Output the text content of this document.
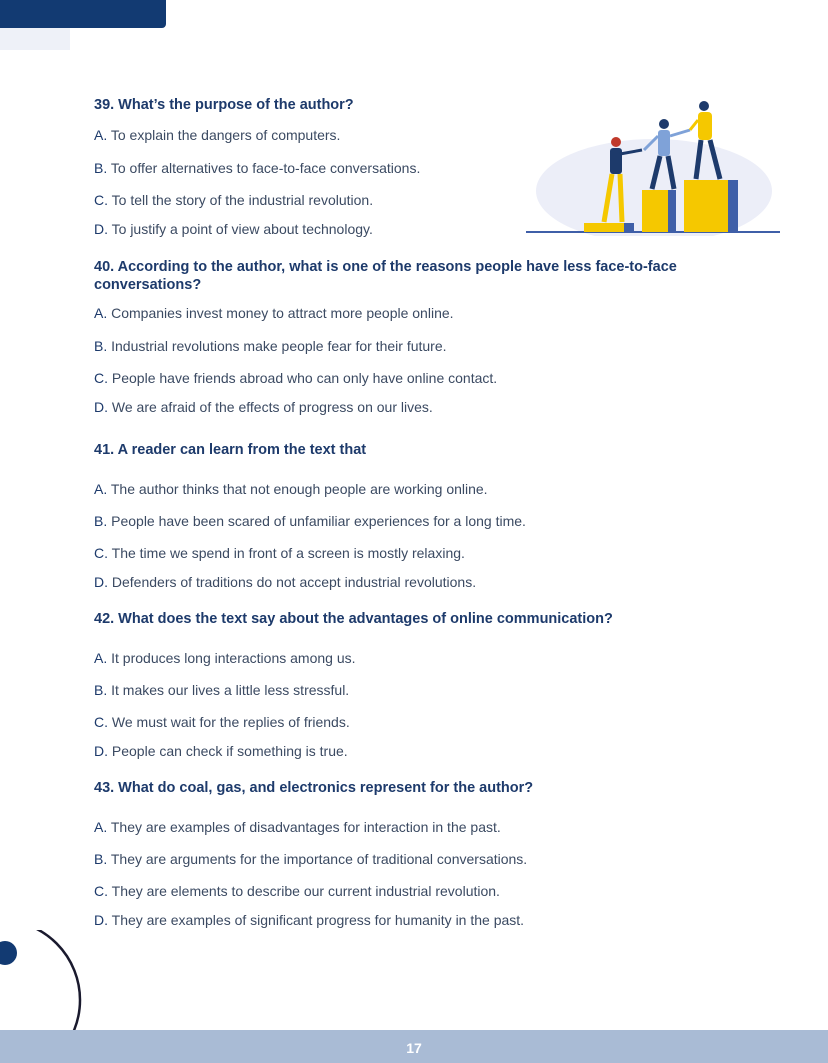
39. What’s the purpose of the author?

A. To explain the dangers of computers.
B. To offer alternatives to face-to-face conversations.
C. To tell the story of the industrial revolution.
D. To justify a point of view about technology.

40. According to the author, what is one of the reasons people have less face-to-face conversations?

A. Companies invest money to attract more people online.
B. Industrial revolutions make people fear for their future.
C. People have friends abroad who can only have online contact.
D. We are afraid of the effects of progress on our lives.

41. A reader can learn from the text that

A. The author thinks that not enough people are working online.
B. People have been scared of unfamiliar experiences for a long time.
C. The time we spend in front of a screen is mostly relaxing.
D. Defenders of traditions do not accept industrial revolutions.

42. What does the text say about the advantages of online communication?

A. It produces long interactions among us.
B. It makes our lives a little less stressful.
C. We must wait for the replies of friends.
D. People can check if something is true.

43. What do coal, gas, and electronics represent for the author?

A. They are examples of disadvantages for interaction in the past.
B. They are arguments for the importance of traditional conversations.
C. They are elements to describe our current industrial revolution.
D. They are examples of significant progress for humanity in the past.
17
